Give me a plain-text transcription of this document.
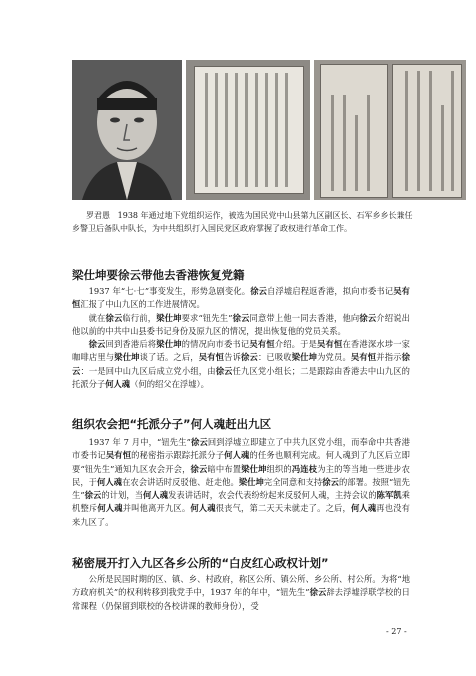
罗君愚 1938 年通过地下党组织运作，被选为国民党中山县第九区副区长、石军乡乡长兼任乡警卫后备队中队长，为中共组织打入国民党区政府掌握了政权进行革命工作。
梁仕坤要徐云带他去香港恢复党籍

1937 年“七·七”事变发生，形势急剧变化。徐云自浮墟启程返香港，拟向市委书记吴有恒汇报了中山九区的工作进展情况。

就在徐云临行前，梁仕坤要求“钮先生”徐云同意带上他一同去香港，他向徐云介绍说出他以前的中共中山县委书记身份及原九区的情况，提出恢复他的党员关系。

徐云回到香港后将梁仕坤的情况向市委书记吴有恒介绍。于是吴有恒在香港深水埗一家咖啡店里与梁仕坤谈了话。之后，吴有恒告诉徐云：已吸收梁仕坤为党员。吴有恒并指示徐云：一是回中山九区后成立党小组，由徐云任九区党小组长；二是跟踪由香港去中山九区的托派分子何人魂（何的绍父在浮墟）。

组织农会把“托派分子”何人魂赶出九区

1937 年 7 月中，“钮先生”徐云回到浮墟立即建立了中共九区党小组，而奉命中共香港市委书记吴有恒的秘密指示跟踪托派分子何人魂的任务也顺利完成。何人魂到了九区后立即要“钮先生”通知九区农会开会，徐云暗中布置梁仕坤组织的冯连枝为主的等当地一些进步农民，于何人魂在农会讲话时反驳他、赶走他。梁仕坤完全同意和支持徐云的部署。按照“钮先生”徐云的计划，当何人魂发表讲话时，农会代表纷纷起来反驳何人魂，主持会议的陈军凯乘机整斥何人魂并叫他离开九区。何人魂很丧气，第二天天未就走了。之后，何人魂再也没有来九区了。

秘密展开打入九区各乡公所的“白皮红心政权计划”

公所是民国时期的区、镇、乡、村政府，称区公所、镇公所、乡公所、村公所。为将“地方政府机关”的权利转移到我党手中，1937 年的年中，“钮先生”徐云辞去浮墟浮联学校的日常课程（仍保留到联校的各校讲课的教师身份），受

- 27 -
